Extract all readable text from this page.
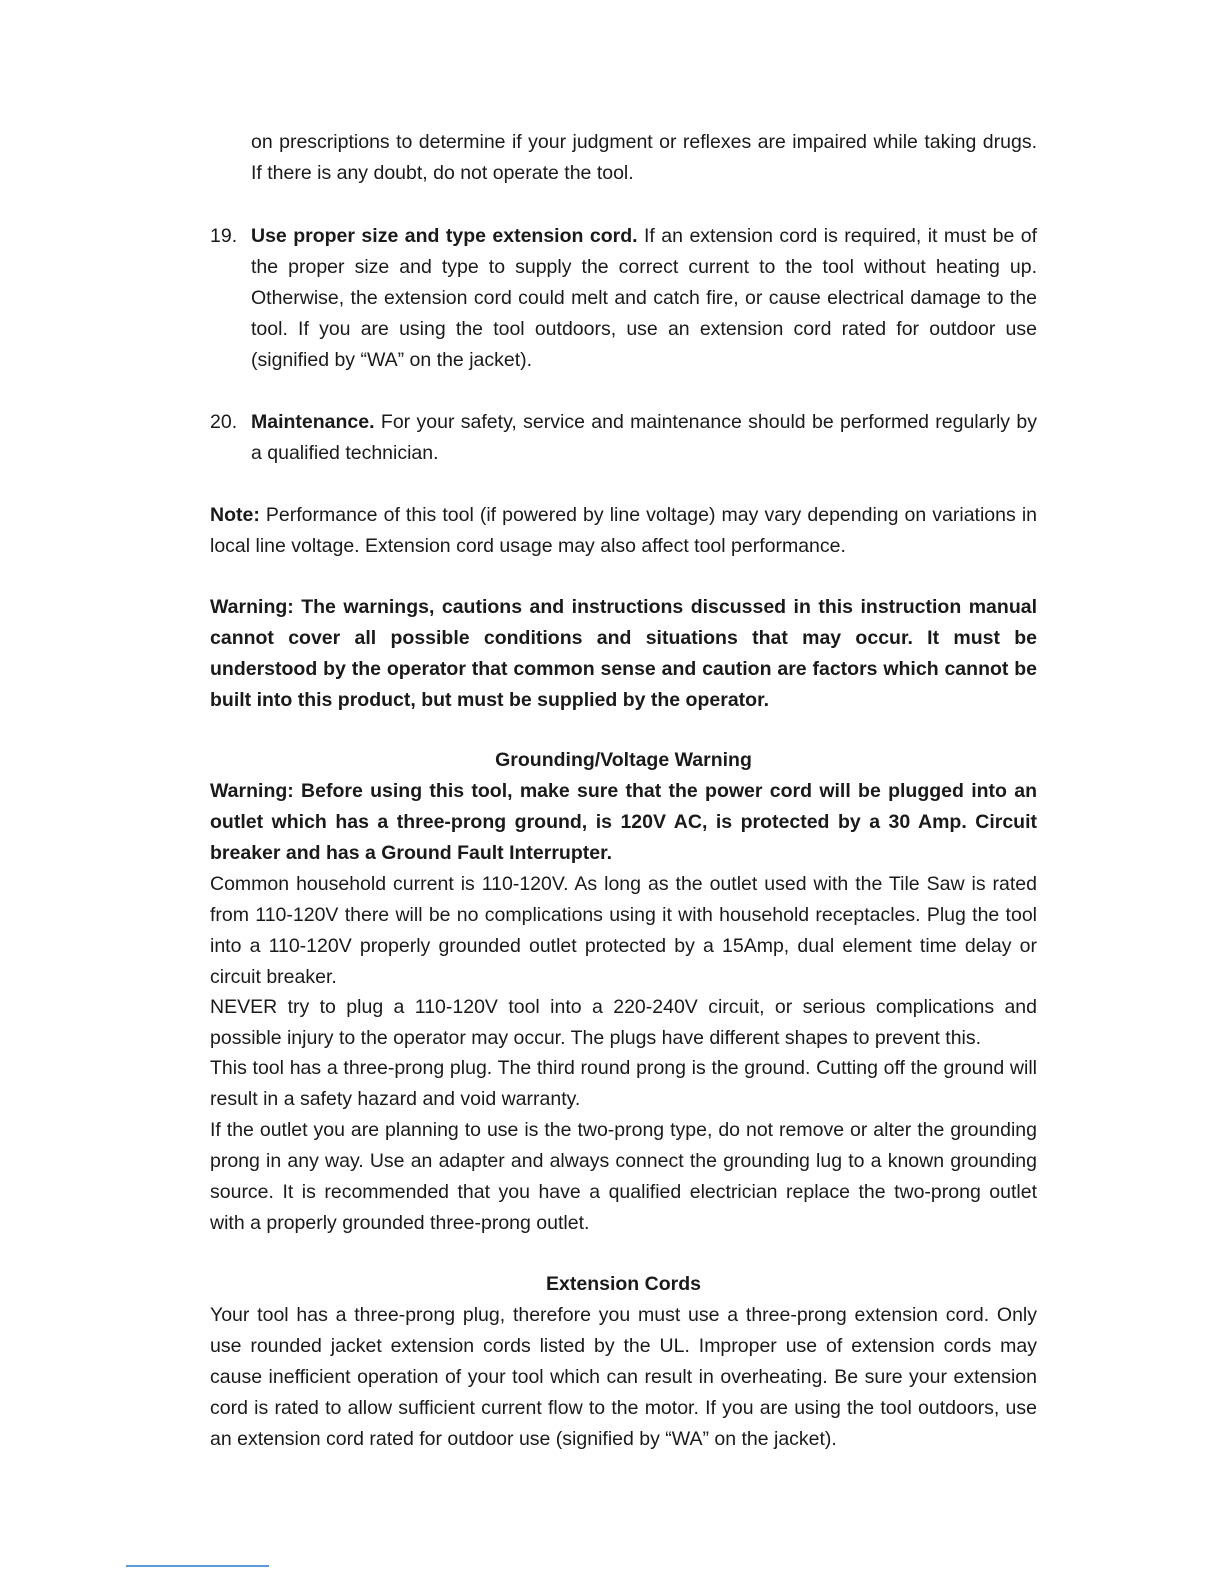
on prescriptions to determine if your judgment or reflexes are impaired while taking drugs. If there is any doubt, do not operate the tool.

19. Use proper size and type extension cord. If an extension cord is required, it must be of the proper size and type to supply the correct current to the tool without heating up. Otherwise, the extension cord could melt and catch fire, or cause electrical damage to the tool. If you are using the tool outdoors, use an extension cord rated for outdoor use (signified by “WA” on the jacket).

20. Maintenance. For your safety, service and maintenance should be performed regularly by a qualified technician.

Note: Performance of this tool (if powered by line voltage) may vary depending on variations in local line voltage. Extension cord usage may also affect tool performance.

Warning: The warnings, cautions and instructions discussed in this instruction manual cannot cover all possible conditions and situations that may occur. It must be understood by the operator that common sense and caution are factors which cannot be built into this product, but must be supplied by the operator.

Grounding/Voltage Warning

Warning: Before using this tool, make sure that the power cord will be plugged into an outlet which has a three-prong ground, is 120V AC, is protected by a 30 Amp. Circuit breaker and has a Ground Fault Interrupter.

Common household current is 110-120V. As long as the outlet used with the Tile Saw is rated from 110-120V there will be no complications using it with household receptacles. Plug the tool into a 110-120V properly grounded outlet protected by a 15Amp, dual element time delay or circuit breaker.

NEVER try to plug a 110-120V tool into a 220-240V circuit, or serious complications and possible injury to the operator may occur. The plugs have different shapes to prevent this.

This tool has a three-prong plug. The third round prong is the ground. Cutting off the ground will result in a safety hazard and void warranty.

If the outlet you are planning to use is the two-prong type, do not remove or alter the grounding prong in any way. Use an adapter and always connect the grounding lug to a known grounding source. It is recommended that you have a qualified electrician replace the two-prong outlet with a properly grounded three-prong outlet.

Extension Cords

Your tool has a three-prong plug, therefore you must use a three-prong extension cord. Only use rounded jacket extension cords listed by the UL. Improper use of extension cords may cause inefficient operation of your tool which can result in overheating. Be sure your extension cord is rated to allow sufficient current flow to the motor. If you are using the tool outdoors, use an extension cord rated for outdoor use (signified by “WA” on the jacket).
